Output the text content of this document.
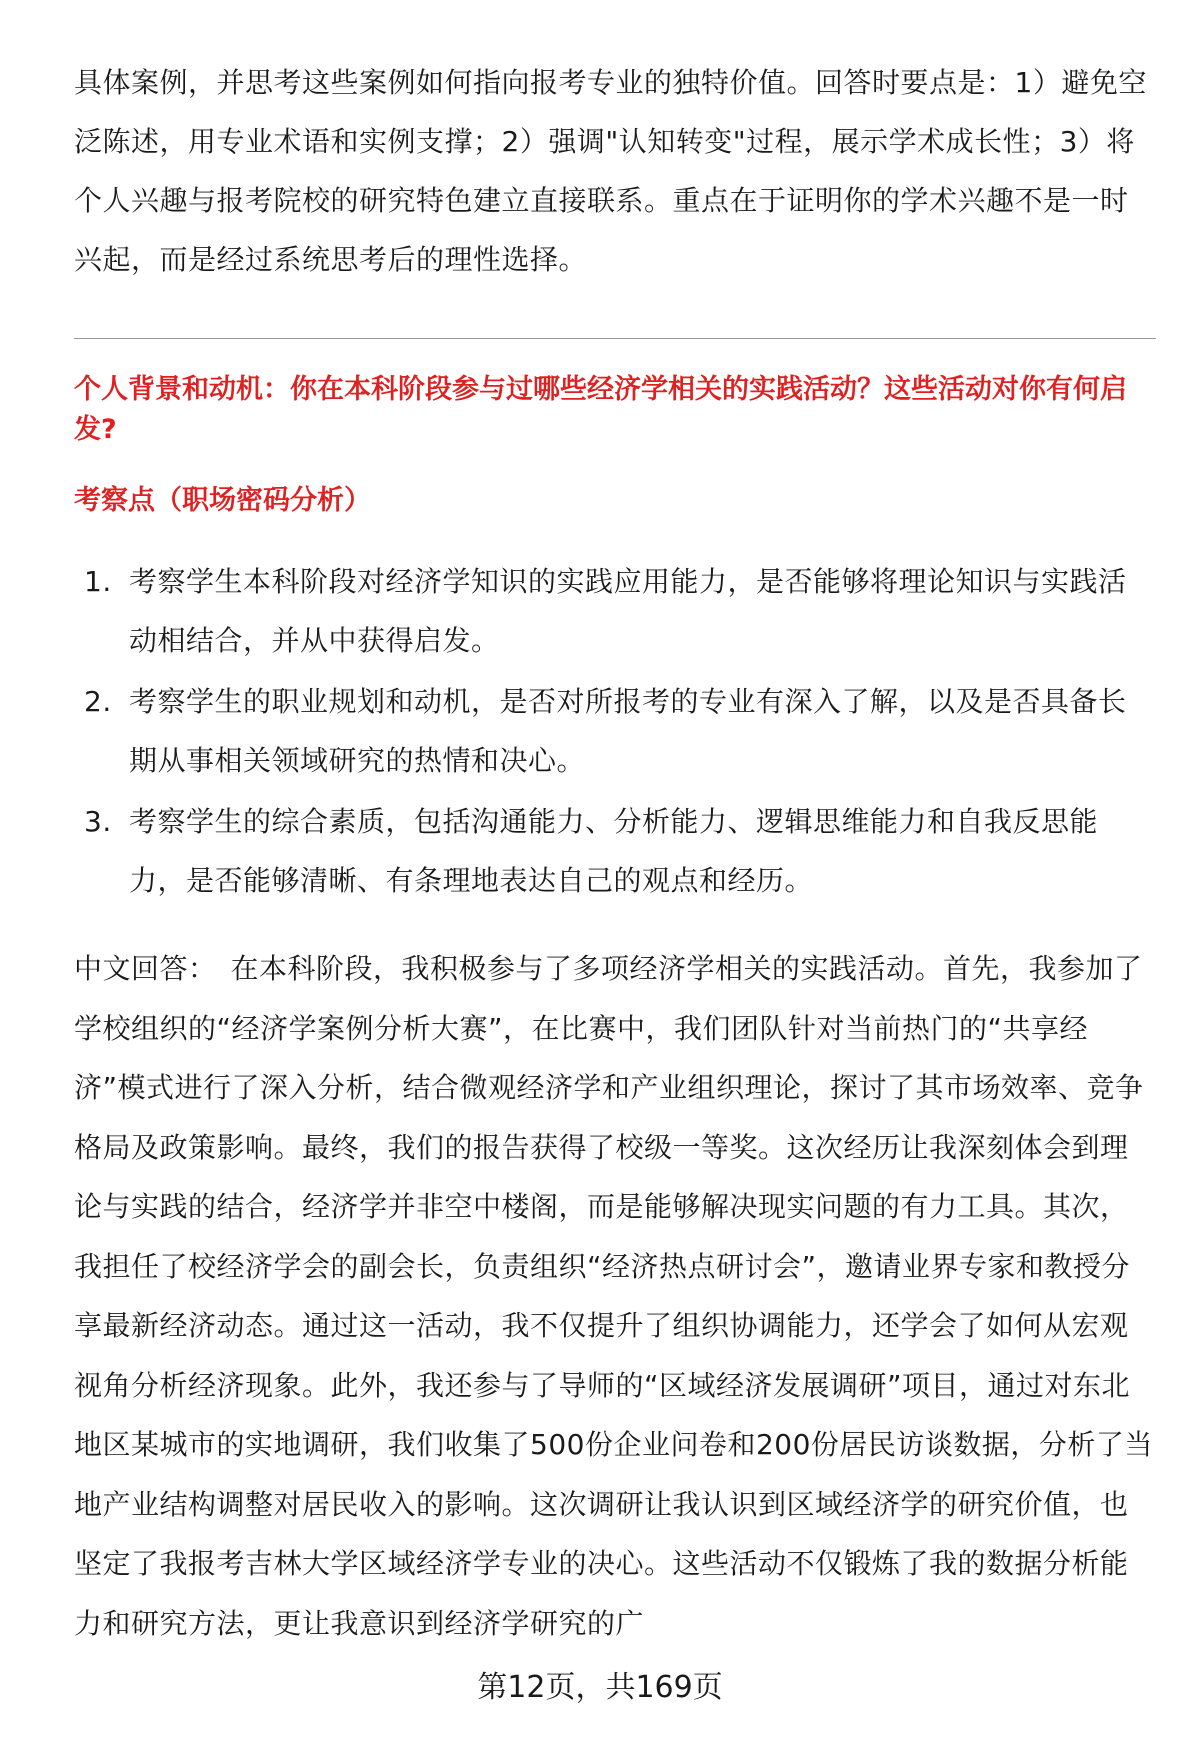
具体案例，并思考这些案例如何指向报考专业的独特价值。回答时要点是：1）避免空泛陈述，用专业术语和实例支撑；2）强调"认知转变"过程，展示学术成长性；3）将个人兴趣与报考院校的研究特色建立直接联系。重点在于证明你的学术兴趣不是一时兴起，而是经过系统思考后的理性选择。

个人背景和动机：你在本科阶段参与过哪些经济学相关的实践活动？这些活动对你有何启发?
考察点（职场密码分析）
1. 考察学生本科阶段对经济学知识的实践应用能力，是否能够将理论知识与实践活动相结合，并从中获得启发。
2. 考察学生的职业规划和动机，是否对所报考的专业有深入了解，以及是否具备长期从事相关领域研究的热情和决心。
3. 考察学生的综合素质，包括沟通能力、分析能力、逻辑思维能力和自我反思能力，是否能够清晰、有条理地表达自己的观点和经历。

中文回答： 在本科阶段，我积极参与了多项经济学相关的实践活动。首先，我参加了学校组织的“经济学案例分析大赛”，在比赛中，我们团队针对当前热门的“共享经济”模式进行了深入分析，结合微观经济学和产业组织理论，探讨了其市场效率、竞争格局及政策影响。最终，我们的报告获得了校级一等奖。这次经历让我深刻体会到理论与实践的结合，经济学并非空中楼阁，而是能够解决现实问题的有力工具。其次，我担任了校经济学会的副会长，负责组织“经济热点研讨会”，邀请业界专家和教授分享最新经济动态。通过这一活动，我不仅提升了组织协调能力，还学会了如何从宏观视角分析经济现象。此外，我还参与了导师的“区域经济发展调研”项目，通过对东北地区某城市的实地调研，我们收集了500份企业问卷和200份居民访谈数据，分析了当地产业结构调整对居民收入的影响。这次调研让我认识到区域经济学的研究价值，也坚定了我报考吉林大学区域经济学专业的决心。这些活动不仅锻炼了我的数据分析能力和研究方法，更让我意识到经济学研究的广

第12页，共169页
